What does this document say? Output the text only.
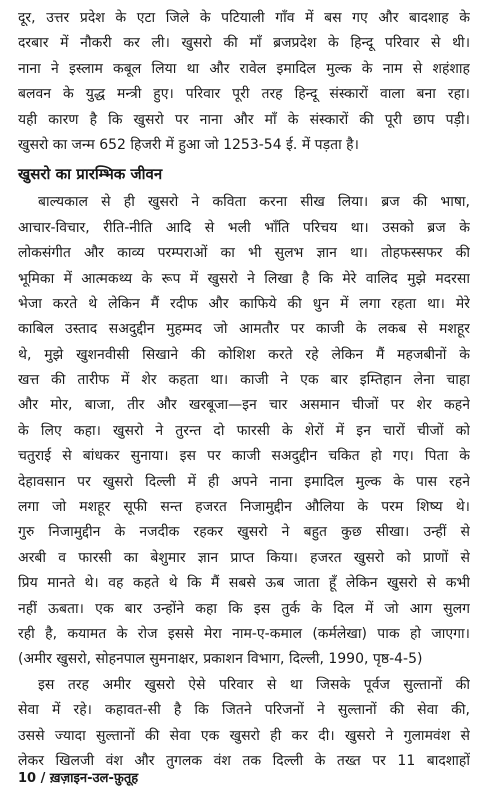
दूर, उत्तर प्रदेश के एटा जिले के पटियाली गाँव में बस गए और बादशाह के
दरबार में नौकरी कर ली। खुसरो की माँ ब्रजप्रदेश के हिन्दू परिवार से थी।
नाना ने इस्लाम कबूल लिया था और रावेल इमादिल मुल्क के नाम से शहंशाह
बलवन के युद्ध मन्त्री हुए। परिवार पूरी तरह हिन्दू संस्कारों वाला बना रहा।
यही कारण है कि खुसरो पर नाना और माँ के संस्कारों की पूरी छाप पड़ी।
खुसरो का जन्म 652 हिजरी में हुआ जो 1253-54 ई. में पड़ता है।
खुसरो का प्रारम्भिक जीवन
बाल्यकाल से ही खुसरो ने कविता करना सीख लिया। ब्रज की भाषा,
आचार-विचार, रीति-नीति आदि से भली भाँति परिचय था। उसको ब्रज के
लोकसंगीत और काव्य परम्पराओं का भी सुलभ ज्ञान था। तोहफस्सफर की
भूमिका में आत्मकथ्य के रूप में खुसरो ने लिखा है कि मेरे वालिद मुझे मदरसा
भेजा करते थे लेकिन मैं रदीफ और काफिये की धुन में लगा रहता था। मेरे
काबिल उस्ताद सअदुद्दीन मुहम्मद जो आमतौर पर काजी के लकब से मशहूर
थे, मुझे खुशनवीसी सिखाने की कोशिश करते रहे लेकिन मैं महजबीनों के
खत्त की तारीफ में शेर कहता था। काजी ने एक बार इम्तिहान लेना चाहा
और मोर, बाजा, तीर और खरबूजा—इन चार असमान चीजों पर शेर कहने
के लिए कहा। खुसरो ने तुरन्त दो फारसी के शेरों में इन चारों चीजों को
चतुराई से बांधकर सुनाया। इस पर काजी सअदुद्दीन चकित हो गए। पिता के
देहावसान पर खुसरो दिल्ली में ही अपने नाना इमादिल मुल्क के पास रहने
लगा जो मशहूर सूफी सन्त हजरत निजामुद्दीन औलिया के परम शिष्य थे।
गुरु निजामुद्दीन के नजदीक रहकर खुसरो ने बहुत कुछ सीखा। उन्हीं से
अरबी व फारसी का बेशुमार ज्ञान प्राप्त किया। हजरत खुसरो को प्राणों से
प्रिय मानते थे। वह कहते थे कि मैं सबसे ऊब जाता हूँ लेकिन खुसरो से कभी
नहीं ऊबता। एक बार उन्होंने कहा कि इस तुर्क के दिल में जो आग सुलग
रही है, कयामत के रोज इससे मेरा नाम-ए-कमाल (कर्मलेखा) पाक हो जाएगा।
(अमीर खुसरो, सोहनपाल सुमनाक्षर, प्रकाशन विभाग, दिल्ली, 1990, पृष्ठ-4-5)
इस तरह अमीर खुसरो ऐसे परिवार से था जिसके पूर्वज सुल्तानों की
सेवा में रहे। कहावत-सी है कि जितने परिजनों ने सुल्तानों की सेवा की,
उससे ज्यादा सुल्तानों की सेवा एक खुसरो ही कर दी। खुसरो ने गुलामवंश से
लेकर खिलजी वंश और तुगलक वंश तक दिल्ली के तख्त पर 11 बादशाहों
10 / ख़ज़ाइन-उल-फ़ुतूह
